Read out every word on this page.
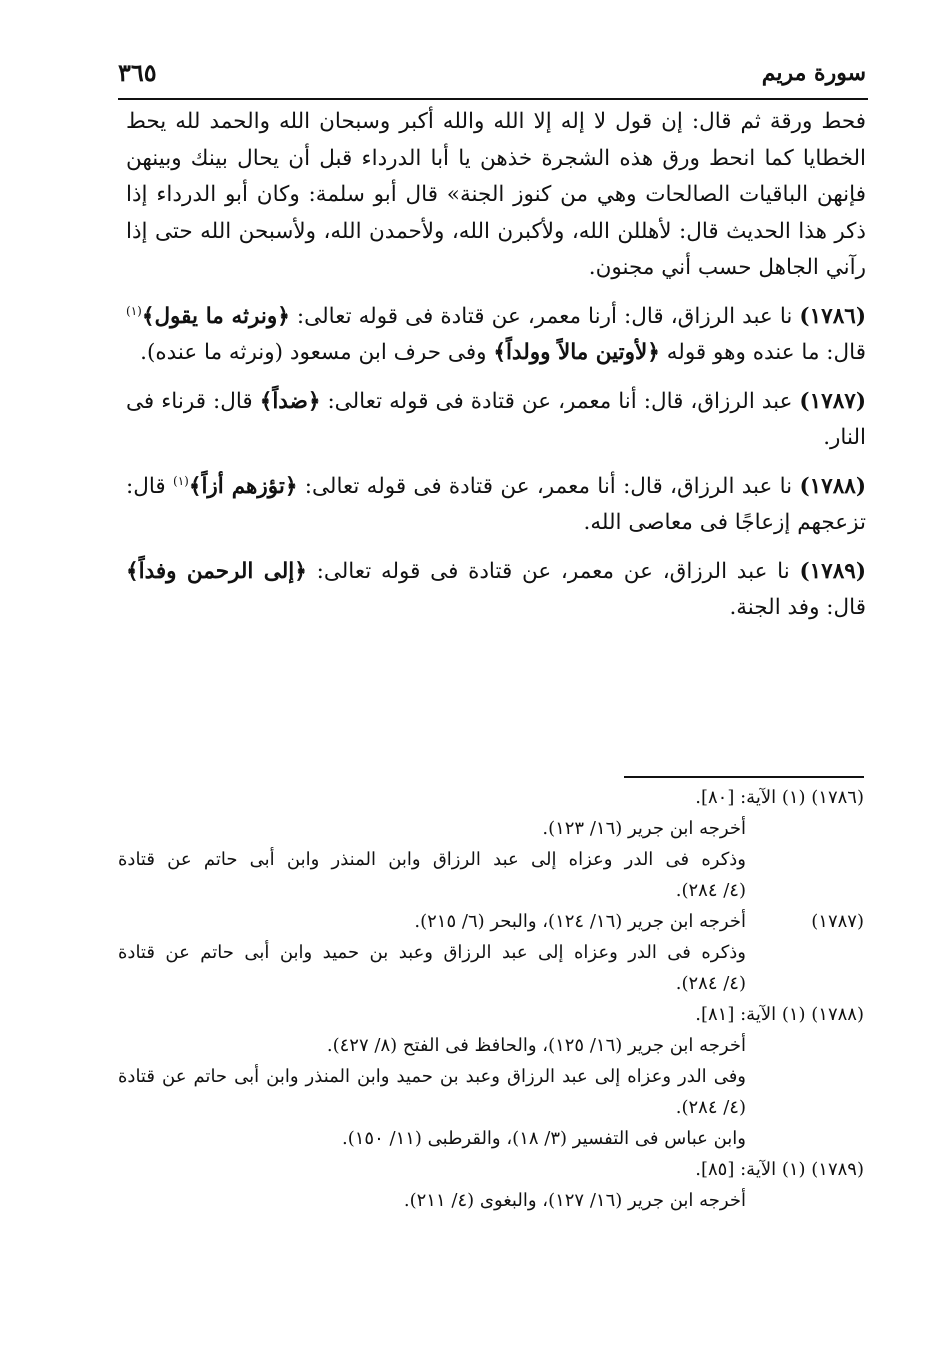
سورة مريم
٣٦٥

فحط ورقة ثم قال: إن قول لا إله إلا الله والله أكبر وسبحان الله والحمد لله يحط الخطايا كما انحط ورق هذه الشجرة خذهن يا أبا الدرداء قبل أن يحال بينك وبينهن فإنهن الباقيات الصالحات وهي من كنوز الجنة» قال أبو سلمة: وكان أبو الدرداء إذا ذكر هذا الحديث قال: لأهللن الله، ولأكبرن الله، ولأحمدن الله، ولأسبحن الله حتى إذا رآني الجاهل حسب أني مجنون.

(١٧٨٦) نا عبد الرزاق، قال: أرنا معمر، عن قتادة فى قوله تعالى: ﴿ونرثه ما يقول﴾$^{(١)}$ قال: ما عنده وهو قوله ﴿لأوتين مالاً وولداً﴾ وفى حرف ابن مسعود (ونرثه ما عنده).

(١٧٨٧) عبد الرزاق، قال: أنا معمر، عن قتادة فى قوله تعالى: ﴿ضداً﴾ قال: قرناء فى النار.

(١٧٨٨) نا عبد الرزاق، قال: أنا معمر، عن قتادة فى قوله تعالى: ﴿تؤزهم أزاً﴾$^{(١)}$ قال: تزعجهم إزعاجًا فى معاصى الله.

(١٧٨٩) نا عبد الرزاق، عن معمر، عن قتادة فى قوله تعالى: ﴿إلى الرحمن وفداً﴾ قال: وفد الجنة.

(١٧٨٦) (١) الآية: [٨٠].
أخرجه ابن جرير (١٦/ ١٢٣).
وذكره فى الدر وعزاه إلى عبد الرزاق وابن المنذر وابن أبى حاتم عن قتادة
(٤/ ٢٨٤).
(١٧٨٧)
أخرجه ابن جرير (١٦/ ١٢٤)، والبحر (٦/ ٢١٥).
وذكره فى الدر وعزاه إلى عبد الرزاق وعبد بن حميد وابن أبى حاتم عن قتادة
(٤/ ٢٨٤).
(١٧٨٨) (١) الآية: [٨١].
أخرجه ابن جرير (١٦/ ١٢٥)، والحافظ فى الفتح (٨/ ٤٢٧).
وفى الدر وعزاه إلى عبد الرزاق وعبد بن حميد وابن المنذر وابن أبى حاتم عن قتادة
(٤/ ٢٨٤).
وابن عباس فى التفسير (٣/ ١٨)، والقرطبى (١١/ ١٥٠).
(١٧٨٩) (١) الآية: [٨٥].
أخرجه ابن جرير (١٦/ ١٢٧)، والبغوى (٤/ ٢١١).
